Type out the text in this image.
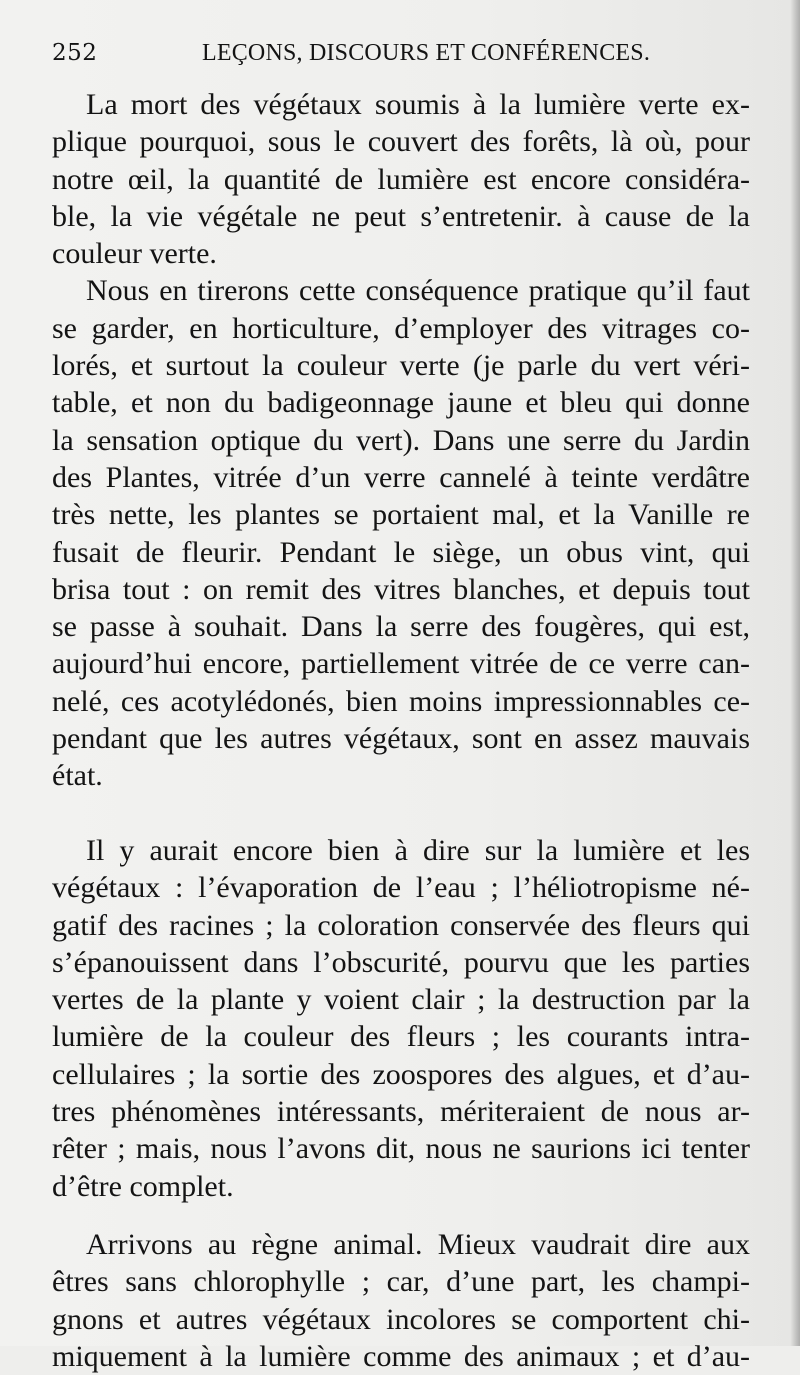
252	LEÇONS, DISCOURS ET CONFÉRENCES.
La mort des végétaux soumis à la lumière verte ex-
plique pourquoi, sous le couvert des forêts, là où, pour
notre œil, la quantité de lumière est encore considéra-
ble, la vie végétale ne peut s’entretenir. à cause de la
couleur verte.
Nous en tirerons cette conséquence pratique qu’il faut
se garder, en horticulture, d’employer des vitrages co-
lorés, et surtout la couleur verte (je parle du vert véri-
table, et non du badigeonnage jaune et bleu qui donne
la sensation optique du vert). Dans une serre du Jardin
des Plantes, vitrée d’un verre cannelé à teinte verdâtre
très nette, les plantes se portaient mal, et la Vanille re
fusait de fleurir. Pendant le siège, un obus vint, qui
brisa tout : on remit des vitres blanches, et depuis tout
se passe à souhait. Dans la serre des fougères, qui est,
aujourd’hui encore, partiellement vitrée de ce verre can-
nelé, ces acotylédonés, bien moins impressionnables ce-
pendant que les autres végétaux, sont en assez mauvais
état.
Il y aurait encore bien à dire sur la lumière et les
végétaux : l’évaporation de l’eau ; l’héliotropisme né-
gatif des racines ; la coloration conservée des fleurs qui
s’épanouissent dans l’obscurité, pourvu que les parties
vertes de la plante y voient clair ; la destruction par la
lumière de la couleur des fleurs ; les courants intra-
cellulaires ; la sortie des zoospores des algues, et d’au-
tres phénomènes intéressants, mériteraient de nous ar-
rêter ; mais, nous l’avons dit, nous ne saurions ici tenter
d’être complet.
Arrivons au règne animal. Mieux vaudrait dire aux
êtres sans chlorophylle ; car, d’une part, les champi-
gnons et autres végétaux incolores se comportent chi-
miquement à la lumière comme des animaux ; et d’au-
